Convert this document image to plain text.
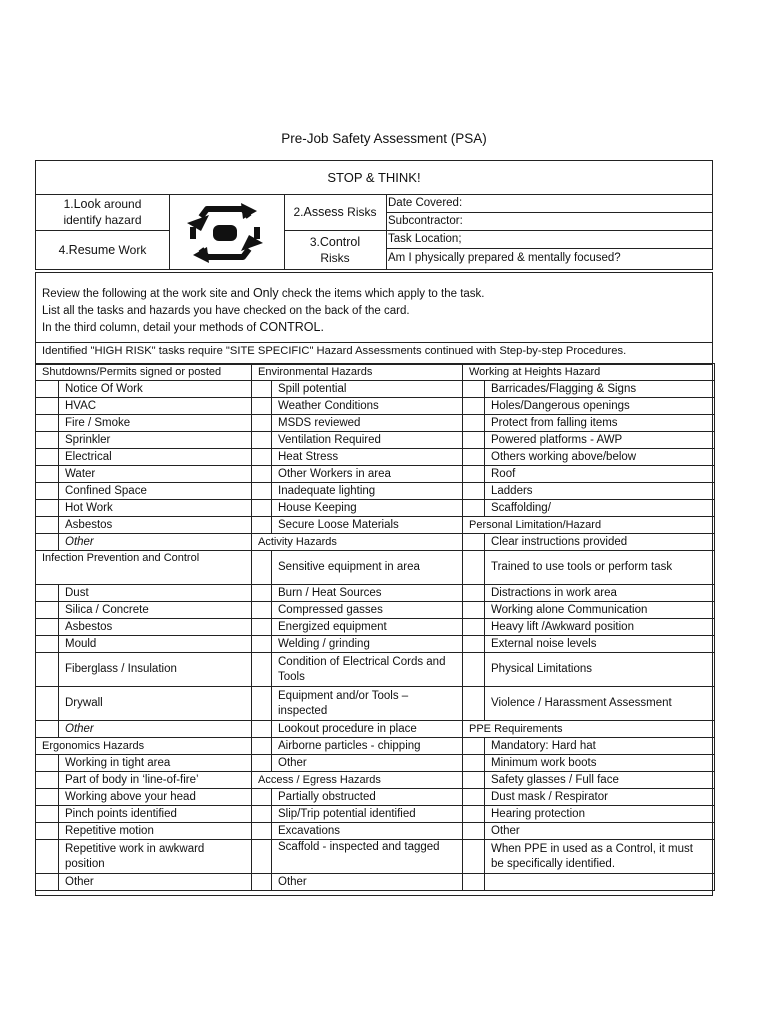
Pre-Job Safety Assessment (PSA)
STOP & THINK!
1.Look around
identify hazard
4.Resume Work
2.Assess Risks
3.Control
Risks
Date Covered:
Subcontractor:
Task Location;
Am I physically prepared & mentally focused?
Review the following at the work site and Only check the items which apply to the task.
List all the tasks and hazards you have checked on the back of the card.
In the third column, detail your methods of CONTROL.
Identified "HIGH RISK" tasks require "SITE SPECIFIC" Hazard Assessments continued with Step-by-step Procedures.
Shutdowns/Permits signed or posted		Environmental Hazards		Working at Heights Hazard	
	Notice Of Work		Spill potential		Barricades/Flagging & Signs
	HVAC		Weather Conditions		Holes/Dangerous openings
	Fire / Smoke		MSDS reviewed		Protect from falling items
	Sprinkler		Ventilation Required		Powered platforms - AWP
	Electrical		Heat Stress		Others working above/below
	Water		Other Workers in area		Roof
	Confined Space		Inadequate lighting		Ladders
	Hot Work		House Keeping		Scaffolding/
	Asbestos		Secure Loose Materials	Personal Limitation/Hazard	
	Other	Activity Hazards			Clear instructions provided
Infection Prevention and Control			Sensitive equipment in area		Trained to use tools or perform task
	Dust		Burn / Heat Sources		Distractions in work area
	Silica / Concrete		Compressed gasses		Working alone Communication
	Asbestos		Energized equipment		Heavy lift /Awkward position
	Mould		Welding / grinding		External noise levels
	Fiberglass / Insulation		Condition of Electrical Cords and Tools		Physical Limitations
	Drywall		Equipment and/or Tools – inspected		Violence / Harassment Assessment
	Other		Lookout procedure in place	PPE Requirements	
Ergonomics Hazards			Airborne particles - chipping		Mandatory: Hard hat
	Working in tight area		Other		Minimum work boots
	Part of body in ‘line-of-fire’	Access / Egress Hazards			Safety glasses / Full face
	Working above your head		Partially obstructed		Dust mask / Respirator
	Pinch points identified		Slip/Trip potential identified		Hearing protection
	Repetitive motion		Excavations		Other
	Repetitive work in awkward position		Scaffold - inspected and tagged		When PPE in used as a Control, it must be specifically identified.
	Other		Other		
